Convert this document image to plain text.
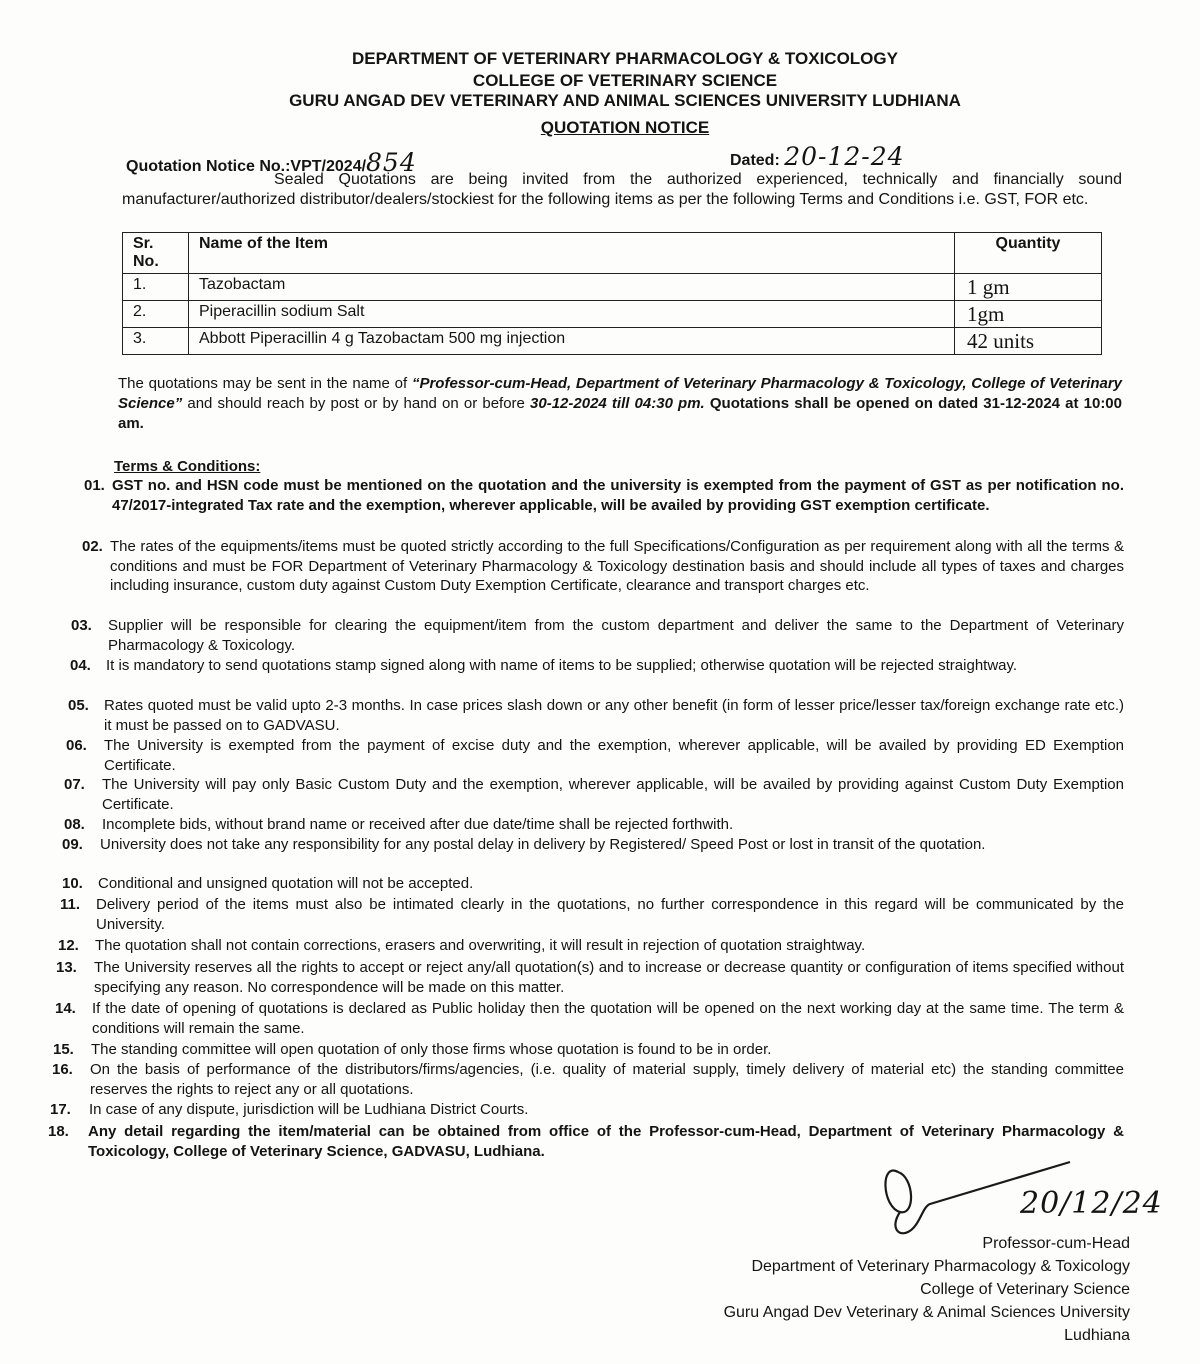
DEPARTMENT OF VETERINARY PHARMACOLOGY & TOXICOLOGY
COLLEGE OF VETERINARY SCIENCE
GURU ANGAD DEV VETERINARY AND ANIMAL SCIENCES UNIVERSITY LUDHIANA
QUOTATION NOTICE
Quotation Notice No.:VPT/2024/854	Dated: 20-12-24
Sealed Quotations are being invited from the authorized experienced, technically and financially sound manufacturer/authorized distributor/dealers/stockiest for the following items as per the following Terms and Conditions i.e. GST, FOR etc.
Sr. No.	Name of the Item	Quantity
1.	Tazobactam	1 gm
2.	Piperacillin sodium Salt	1gm
3.	Abbott Piperacillin 4 g Tazobactam 500 mg injection	42 units
The quotations may be sent in the name of “Professor-cum-Head, Department of Veterinary Pharmacology & Toxicology, College of Veterinary Science” and should reach by post or by hand on or before 30-12-2024 till 04:30 pm. Quotations shall be opened on dated 31-12-2024 at 10:00 am.
Terms & Conditions:
01. GST no. and HSN code must be mentioned on the quotation and the university is exempted from the payment of GST as per notification no. 47/2017-integrated Tax rate and the exemption, wherever applicable, will be availed by providing GST exemption certificate.
02. The rates of the equipments/items must be quoted strictly according to the full Specifications/Configuration as per requirement along with all the terms & conditions and must be FOR Department of Veterinary Pharmacology & Toxicology destination basis and should include all types of taxes and charges including insurance, custom duty against Custom Duty Exemption Certificate, clearance and transport charges etc.
03. Supplier will be responsible for clearing the equipment/item from the custom department and deliver the same to the Department of Veterinary Pharmacology & Toxicology.
04. It is mandatory to send quotations stamp signed along with name of items to be supplied; otherwise quotation will be rejected straightway.
05. Rates quoted must be valid upto 2-3 months. In case prices slash down or any other benefit (in form of lesser price/lesser tax/foreign exchange rate etc.) it must be passed on to GADVASU.
06. The University is exempted from the payment of excise duty and the exemption, wherever applicable, will be availed by providing ED Exemption Certificate.
07. The University will pay only Basic Custom Duty and the exemption, wherever applicable, will be availed by providing against Custom Duty Exemption Certificate.
08. Incomplete bids, without brand name or received after due date/time shall be rejected forthwith.
09. University does not take any responsibility for any postal delay in delivery by Registered/ Speed Post or lost in transit of the quotation.
10. Conditional and unsigned quotation will not be accepted.
11. Delivery period of the items must also be intimated clearly in the quotations, no further correspondence in this regard will be communicated by the University.
12. The quotation shall not contain corrections, erasers and overwriting, it will result in rejection of quotation straightway.
13. The University reserves all the rights to accept or reject any/all quotation(s) and to increase or decrease quantity or configuration of items specified without specifying any reason. No correspondence will be made on this matter.
14. If the date of opening of quotations is declared as Public holiday then the quotation will be opened on the next working day at the same time. The term & conditions will remain the same.
15. The standing committee will open quotation of only those firms whose quotation is found to be in order.
16. On the basis of performance of the distributors/firms/agencies, (i.e. quality of material supply, timely delivery of material etc) the standing committee reserves the rights to reject any or all quotations.
17. In case of any dispute, jurisdiction will be Ludhiana District Courts.
18. Any detail regarding the item/material can be obtained from office of the Professor-cum-Head, Department of Veterinary Pharmacology & Toxicology, College of Veterinary Science, GADVASU, Ludhiana.
20/12/24
Professor-cum-Head
Department of Veterinary Pharmacology & Toxicology
College of Veterinary Science
Guru Angad Dev Veterinary & Animal Sciences University
Ludhiana
